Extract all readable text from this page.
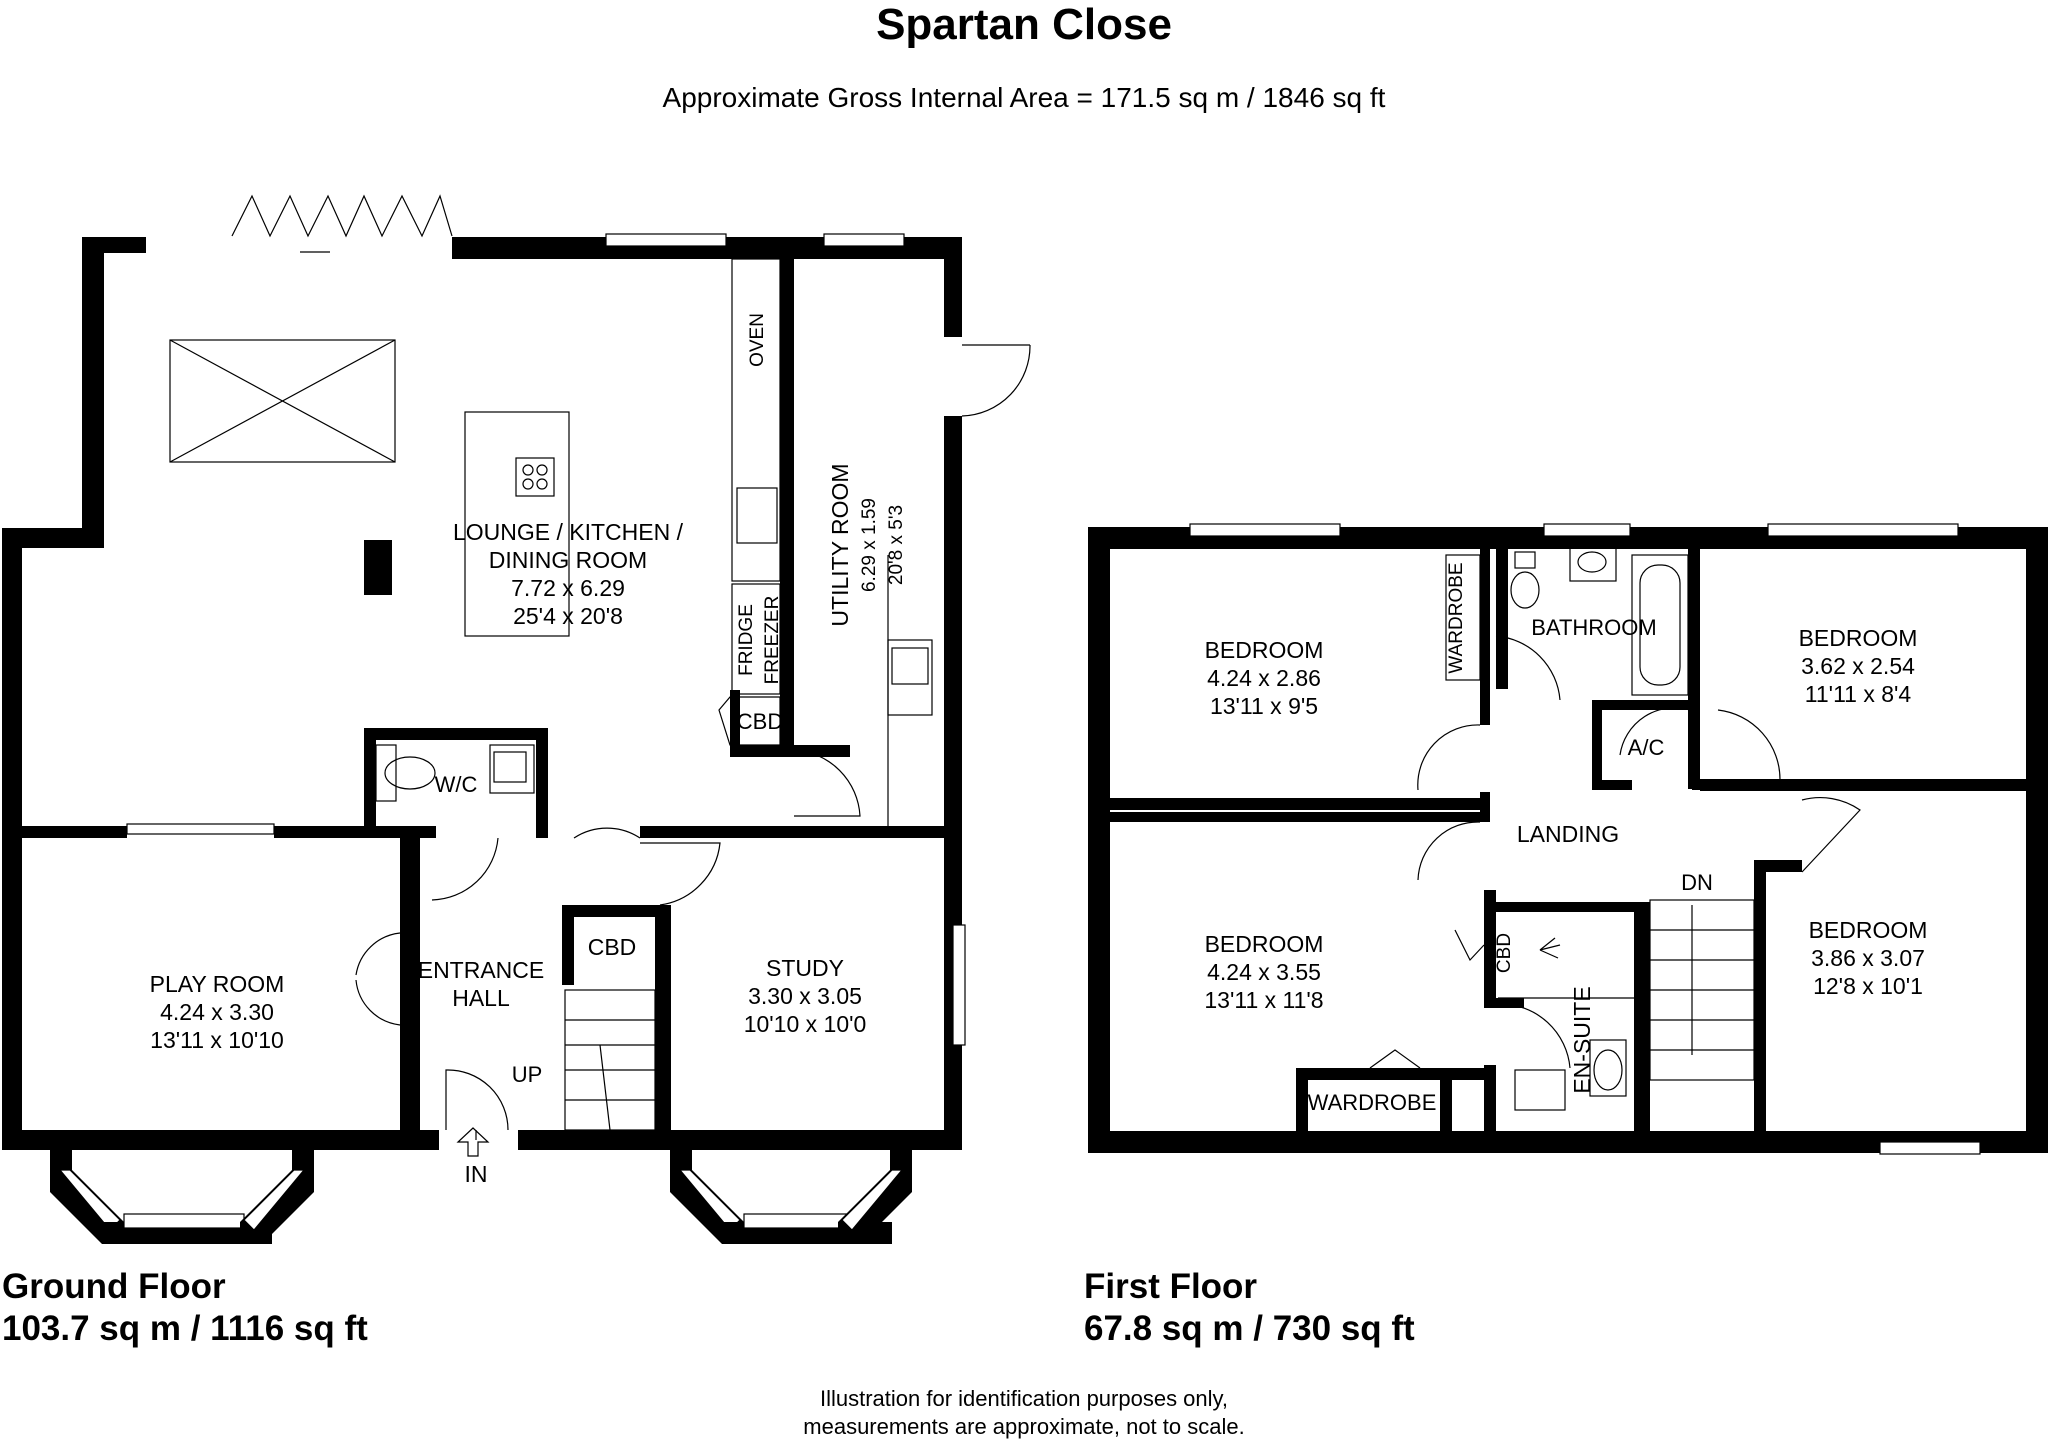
Spartan Close
Approximate Gross Internal Area = 171.5 sq m / 1846 sq ft
LOUNGE / KITCHEN /
DINING ROOM
7.72 x 6.29
25'4 x 20'8	UTILITY ROOM 6.29 x 1.59 20'8 x 5'3
OVEN
FRIDGE FREEZER
CBD
W/C
PLAY ROOM
4.24 x 3.30
13'11 x 10'10
ENTRANCE
HALL
CBD
UP
IN
STUDY
3.30 x 3.05
10'10 x 10'0
BEDROOM
4.24 x 2.86
13'11 x 9'5
WARDROBE	BATHROOM
A/C
BEDROOM
3.62 x 2.54
11'11 x 8'4
LANDING
DN
BEDROOM
4.24 x 3.55
13'11 x 11'8
CBD
EN-SUITE
WARDROBE
BEDROOM
3.86 x 3.07
12'8 x 10'1
Ground Floor
103.7 sq m / 1116 sq ft
First Floor
67.8 sq m / 730 sq ft
Illustration for identification purposes only,
measurements are approximate, not to scale.
